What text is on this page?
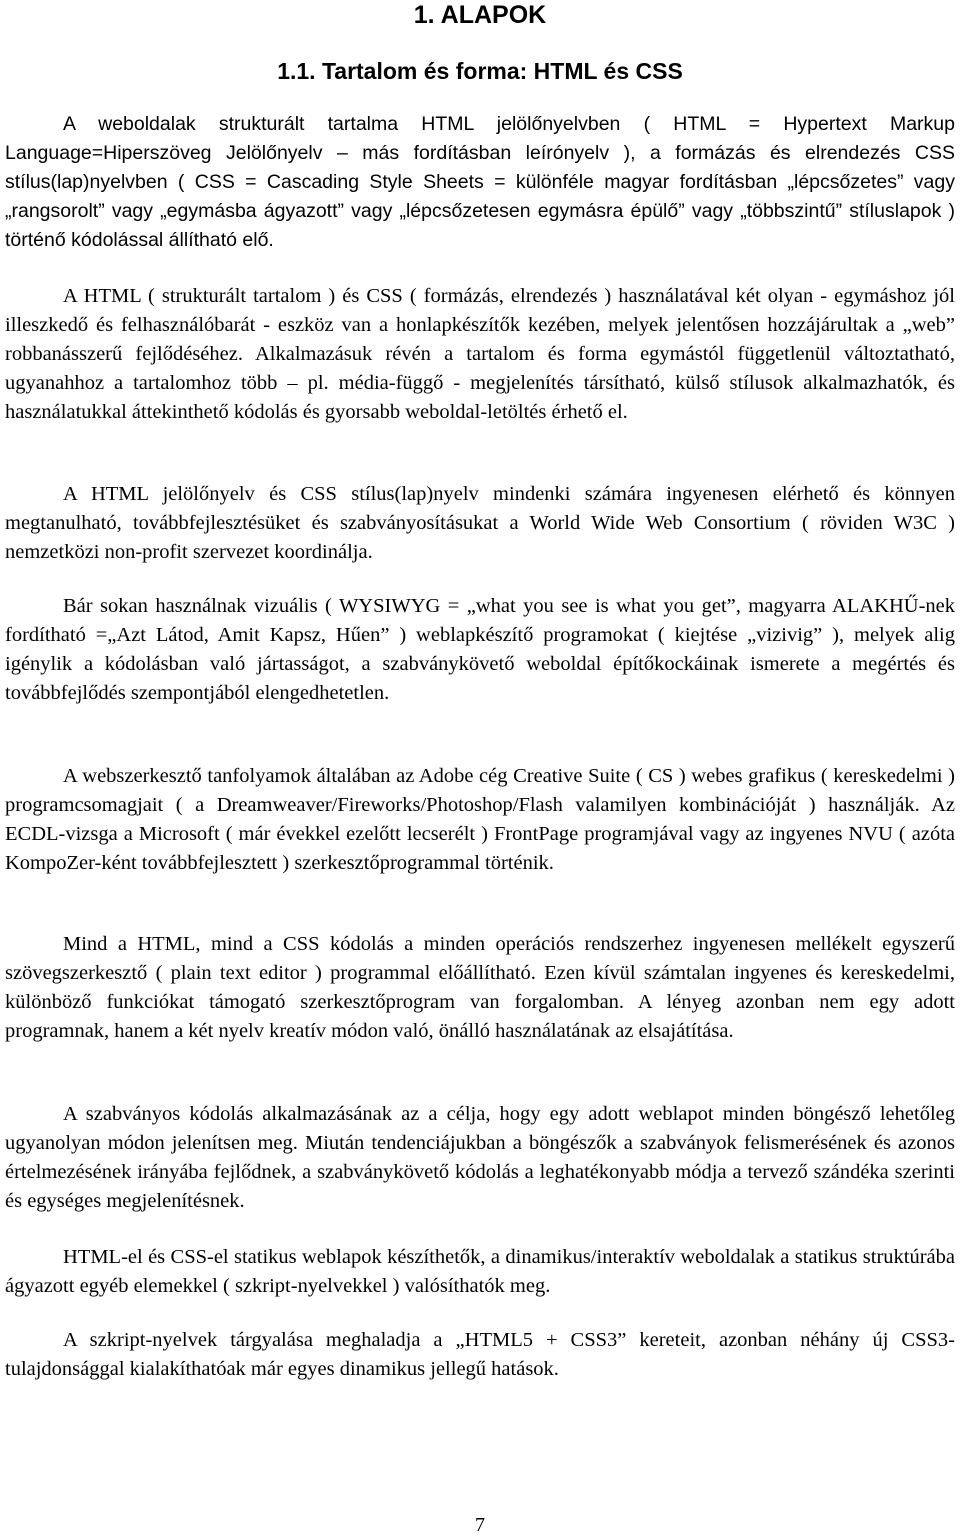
1. ALAPOK
1.1. Tartalom és forma: HTML és CSS

A weboldalak strukturált tartalma HTML jelölőnyelvben ( HTML = Hypertext Markup Language=Hiperszöveg Jelölőnyelv – más fordításban leírónyelv ), a formázás és elrendezés CSS stílus(lap)nyelvben ( CSS = Cascading Style Sheets = különféle magyar fordításban „lépcsőzetes” vagy „rangsorolt” vagy „egymásba ágyazott” vagy „lépcsőzetesen egymásra épülő” vagy „többszintű” stíluslapok ) történő kódolással állítható elő.

A HTML ( strukturált tartalom ) és CSS ( formázás, elrendezés ) használatával két olyan - egymáshoz jól illeszkedő és felhasználóbarát - eszköz van a honlapkészítők kezében, melyek jelentősen hozzájárultak a „web” robbanásszerű fejlődéséhez. Alkalmazásuk révén a tartalom és forma egymástól függetlenül változtatható, ugyanahhoz a tartalomhoz több – pl. média-függő - megjelenítés társítható, külső stílusok alkalmazhatók, és használatukkal áttekinthető kódolás és gyorsabb weboldal-letöltés érhető el.

A HTML jelölőnyelv és CSS stílus(lap)nyelv mindenki számára ingyenesen elérhető és könnyen megtanulható, továbbfejlesztésüket és szabványosításukat a World Wide Web Consortium ( röviden W3C ) nemzetközi non-profit szervezet koordinálja.

Bár sokan használnak vizuális ( WYSIWYG = „what you see is what you get”, magyarra ALAKHŰ-nek fordítható =„Azt Látod, Amit Kapsz, Hűen” ) weblapkészítő programokat ( kiejtése „vizivig” ), melyek alig igénylik a kódolásban való jártasságot, a szabványkövető weboldal építőkockáinak ismerete a megértés és továbbfejlődés szempontjából elengedhetetlen.

A webszerkesztő tanfolyamok általában az Adobe cég Creative Suite ( CS ) webes grafikus ( kereskedelmi ) programcsomagjait ( a Dreamweaver/Fireworks/Photoshop/Flash valamilyen kombinációját ) használják. Az ECDL-vizsga a Microsoft ( már évekkel ezelőtt lecserélt ) FrontPage programjával vagy az ingyenes NVU ( azóta KompoZer-ként továbbfejlesztett ) szerkesztőprogrammal történik.

Mind a HTML, mind a CSS kódolás a minden operációs rendszerhez ingyenesen mellékelt egyszerű szövegszerkesztő ( plain text editor ) programmal előállítható. Ezen kívül számtalan ingyenes és kereskedelmi, különböző funkciókat támogató szerkesztőprogram van forgalomban. A lényeg azonban nem egy adott programnak, hanem a két nyelv kreatív módon való, önálló használatának az elsajátítása.

A szabványos kódolás alkalmazásának az a célja, hogy egy adott weblapot minden böngésző lehetőleg ugyanolyan módon jelenítsen meg. Miután tendenciájukban a böngészők a szabványok felismerésének és azonos értelmezésének irányába fejlődnek, a szabványkövető kódolás a leghatékonyabb módja a tervező szándéka szerinti és egységes megjelenítésnek.

HTML-el és CSS-el statikus weblapok készíthetők, a dinamikus/interaktív weboldalak a statikus struktúrába ágyazott egyéb elemekkel ( szkript-nyelvekkel ) valósíthatók meg.

A szkript-nyelvek tárgyalása meghaladja a „HTML5 + CSS3” kereteit, azonban néhány új CSS3-tulajdonsággal kialakíthatóak már egyes dinamikus jellegű hatások.

7
